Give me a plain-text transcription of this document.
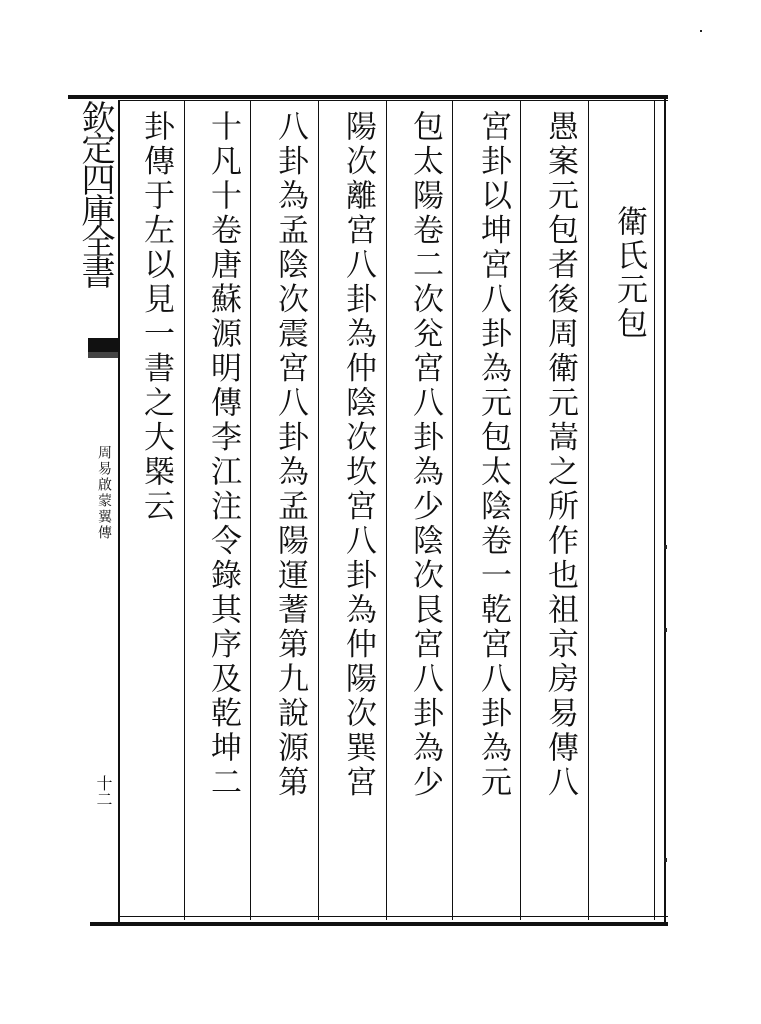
欽定四庫全書
周易啟蒙翼傳
十二
衛氏元包
愚案元包者後周衛元嵩之所作也祖京房易傳八
宮卦以坤宮八卦為元包太陰卷一乾宮八卦為元
包太陽卷二次兊宮八卦為少陰次艮宮八卦為少
陽次離宮八卦為仲陰次坎宮八卦為仲陽次巽宮
八卦為孟陰次震宮八卦為孟陽運蓍第九說源第
十凡十卷唐蘇源明傳李江注令錄其序及乾坤二
卦傳于左以見一書之大槩云
